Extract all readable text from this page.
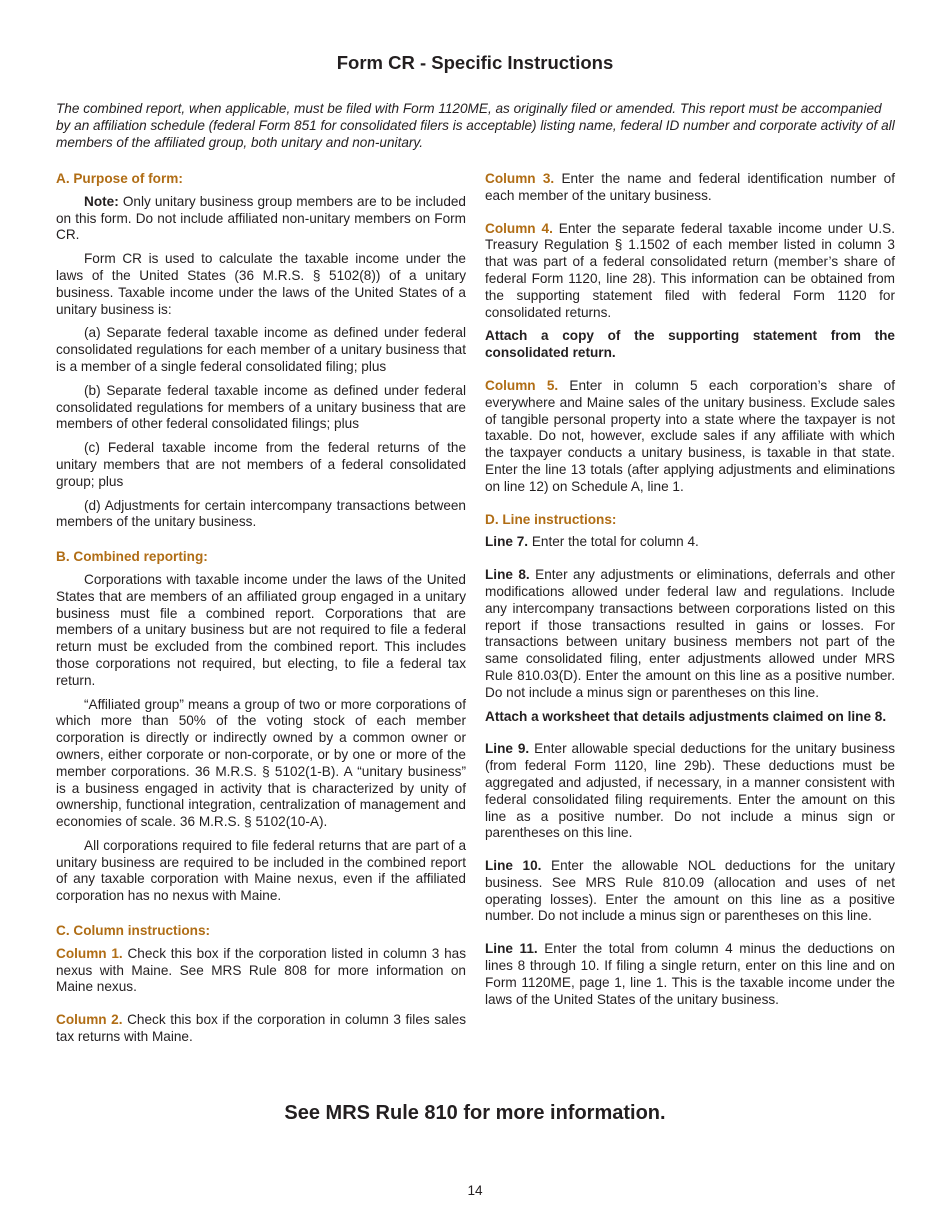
Form CR - Specific Instructions

The combined report, when applicable, must be filed with Form 1120ME, as originally filed or amended. This report must be accompanied by an affiliation schedule (federal Form 851 for consolidated filers is acceptable) listing name, federal ID number and corporate activity of all members of the affiliated group, both unitary and non-unitary.

A. Purpose of form:

Note: Only unitary business group members are to be included on this form. Do not include affiliated non-unitary members on Form CR.

Form CR is used to calculate the taxable income under the laws of the United States (36 M.R.S. § 5102(8)) of a unitary business. Taxable income under the laws of the United States of a unitary business is:

(a) Separate federal taxable income as defined under federal consolidated regulations for each member of a unitary business that is a member of a single federal consolidated filing; plus

(b) Separate federal taxable income as defined under federal consolidated regulations for members of a unitary business that are members of other federal consolidated filings; plus

(c) Federal taxable income from the federal returns of the unitary members that are not members of a federal consolidated group; plus

(d) Adjustments for certain intercompany transactions between members of the unitary business.

B. Combined reporting:

Corporations with taxable income under the laws of the United States that are members of an affiliated group engaged in a unitary business must file a combined report. Corporations that are members of a unitary business but are not required to file a federal return must be excluded from the combined report. This includes those corporations not required, but electing, to file a federal tax return.

“Affiliated group” means a group of two or more corporations of which more than 50% of the voting stock of each member corporation is directly or indirectly owned by a common owner or owners, either corporate or non-corporate, or by one or more of the member corporations. 36 M.R.S. § 5102(1-B). A “unitary business” is a business engaged in activity that is characterized by unity of ownership, functional integration, centralization of management and economies of scale. 36 M.R.S. § 5102(10-A).

All corporations required to file federal returns that are part of a unitary business are required to be included in the combined report of any taxable corporation with Maine nexus, even if the affiliated corporation has no nexus with Maine.

C. Column instructions:

Column 1. Check this box if the corporation listed in column 3 has nexus with Maine. See MRS Rule 808 for more information on Maine nexus.

Column 2. Check this box if the corporation in column 3 files sales tax returns with Maine.

Column 3. Enter the name and federal identification number of each member of the unitary business.

Column 4. Enter the separate federal taxable income under U.S. Treasury Regulation § 1.1502 of each member listed in column 3 that was part of a federal consolidated return (member’s share of federal Form 1120, line 28). This information can be obtained from the supporting statement filed with federal Form 1120 for consolidated returns.

Attach a copy of the supporting statement from the consolidated return.

Column 5. Enter in column 5 each corporation’s share of everywhere and Maine sales of the unitary business. Exclude sales of tangible personal property into a state where the taxpayer is not taxable. Do not, however, exclude sales if any affiliate with which the taxpayer conducts a unitary business, is taxable in that state. Enter the line 13 totals (after applying adjustments and eliminations on line 12) on Schedule A, line 1.

D. Line instructions:

Line 7. Enter the total for column 4.

Line 8. Enter any adjustments or eliminations, deferrals and other modifications allowed under federal law and regulations. Include any intercompany transactions between corporations listed on this report if those transactions resulted in gains or losses. For transactions between unitary business members not part of the same consolidated filing, enter adjustments allowed under MRS Rule 810.03(D). Enter the amount on this line as a positive number. Do not include a minus sign or parentheses on this line.

Attach a worksheet that details adjustments claimed on line 8.

Line 9. Enter allowable special deductions for the unitary business (from federal Form 1120, line 29b). These deductions must be aggregated and adjusted, if necessary, in a manner consistent with federal consolidated filing requirements. Enter the amount on this line as a positive number. Do not include a minus sign or parentheses on this line.

Line 10. Enter the allowable NOL deductions for the unitary business. See MRS Rule 810.09 (allocation and uses of net operating losses). Enter the amount on this line as a positive number. Do not include a minus sign or parentheses on this line.

Line 11. Enter the total from column 4 minus the deductions on lines 8 through 10. If filing a single return, enter on this line and on Form 1120ME, page 1, line 1. This is the taxable income under the laws of the United States of the unitary business.

See MRS Rule 810 for more information.

14
